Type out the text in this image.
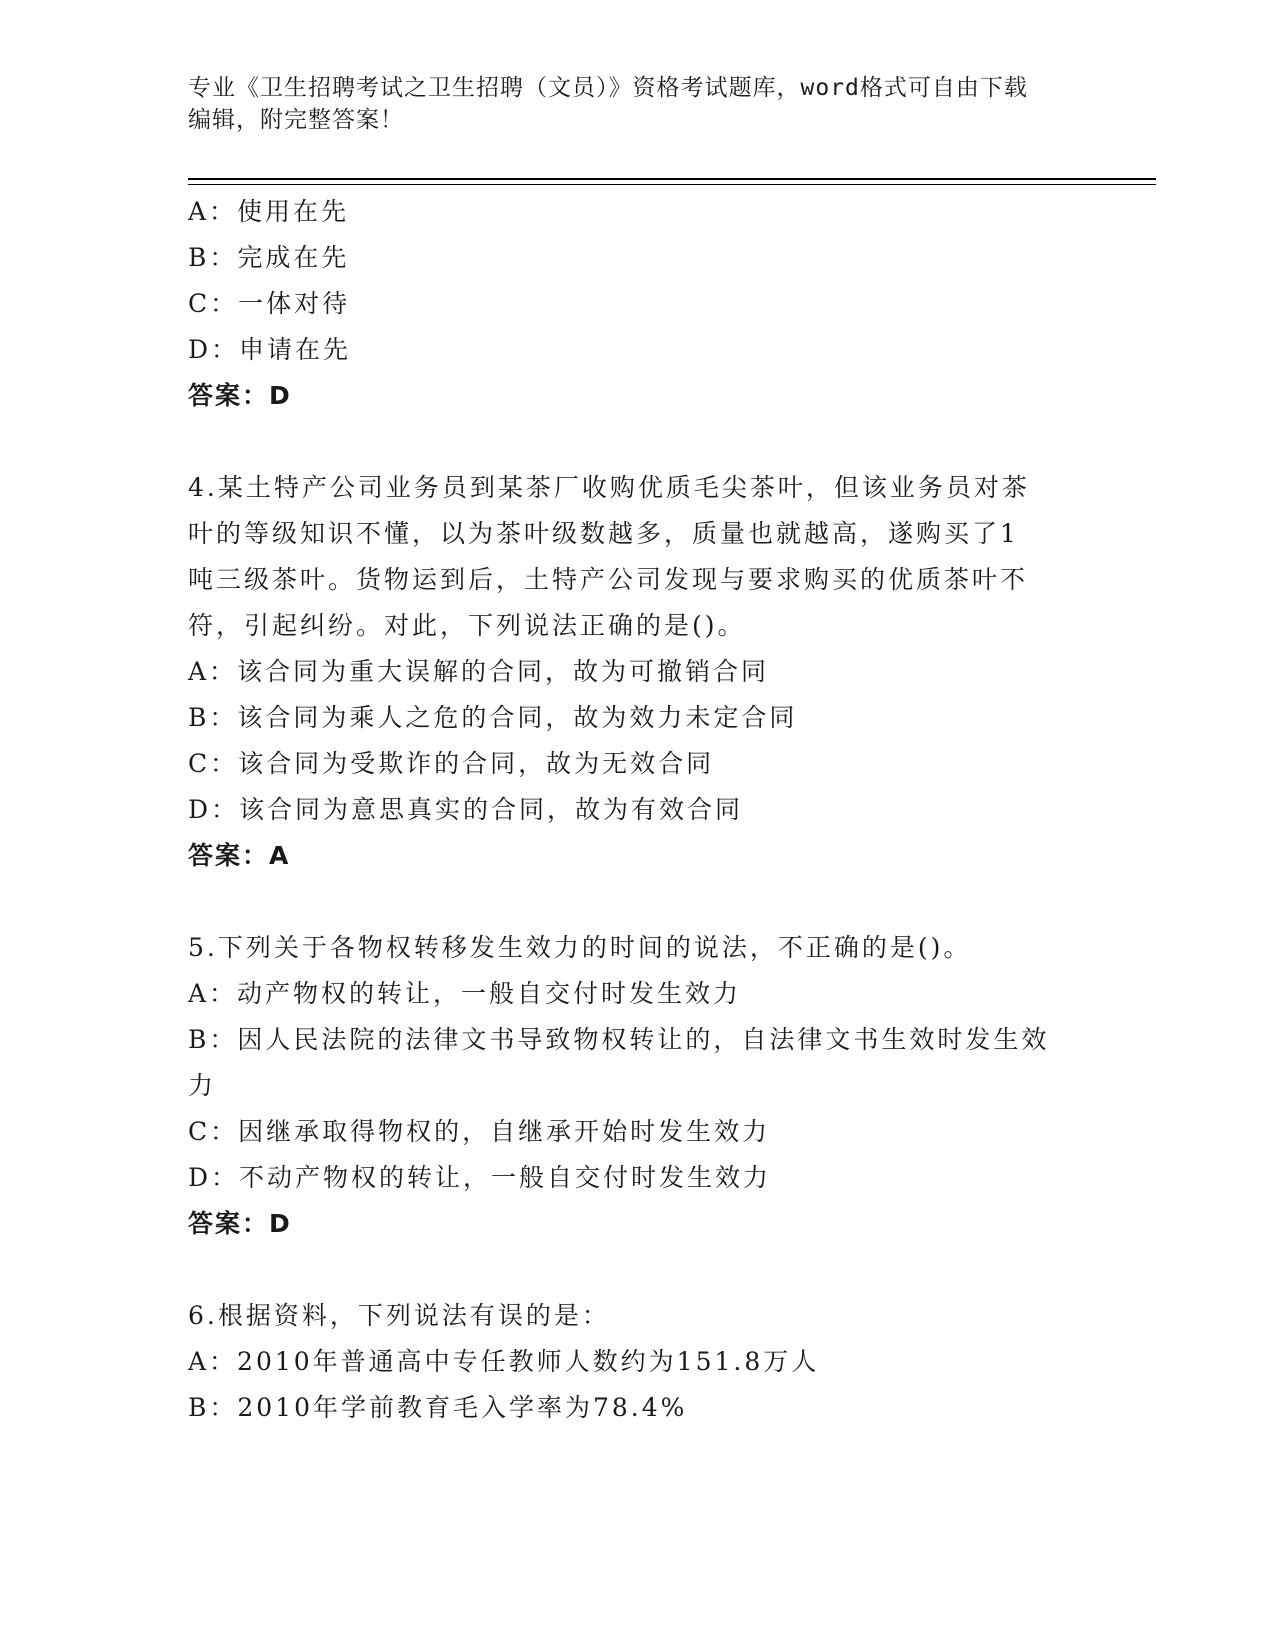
专业《卫生招聘考试之卫生招聘（文员）》资格考试题库，word格式可自由下载
编辑，附完整答案！
A：使用在先
B：完成在先
C：一体对待
D：申请在先
答案：D
4.某土特产公司业务员到某茶厂收购优质毛尖茶叶，但该业务员对茶
叶的等级知识不懂，以为茶叶级数越多，质量也就越高，遂购买了1
吨三级茶叶。货物运到后，土特产公司发现与要求购买的优质茶叶不
符，引起纠纷。对此，下列说法正确的是()。
A：该合同为重大误解的合同，故为可撤销合同
B：该合同为乘人之危的合同，故为效力未定合同
C：该合同为受欺诈的合同，故为无效合同
D：该合同为意思真实的合同，故为有效合同
答案：A
5.下列关于各物权转移发生效力的时间的说法，不正确的是()。
A：动产物权的转让，一般自交付时发生效力
B：因人民法院的法律文书导致物权转让的，自法律文书生效时发生效
力
C：因继承取得物权的，自继承开始时发生效力
D：不动产物权的转让，一般自交付时发生效力
答案：D
6.根据资料，下列说法有误的是：
A：2010年普通高中专任教师人数约为151.8万人
B：2010年学前教育毛入学率为78.4%
